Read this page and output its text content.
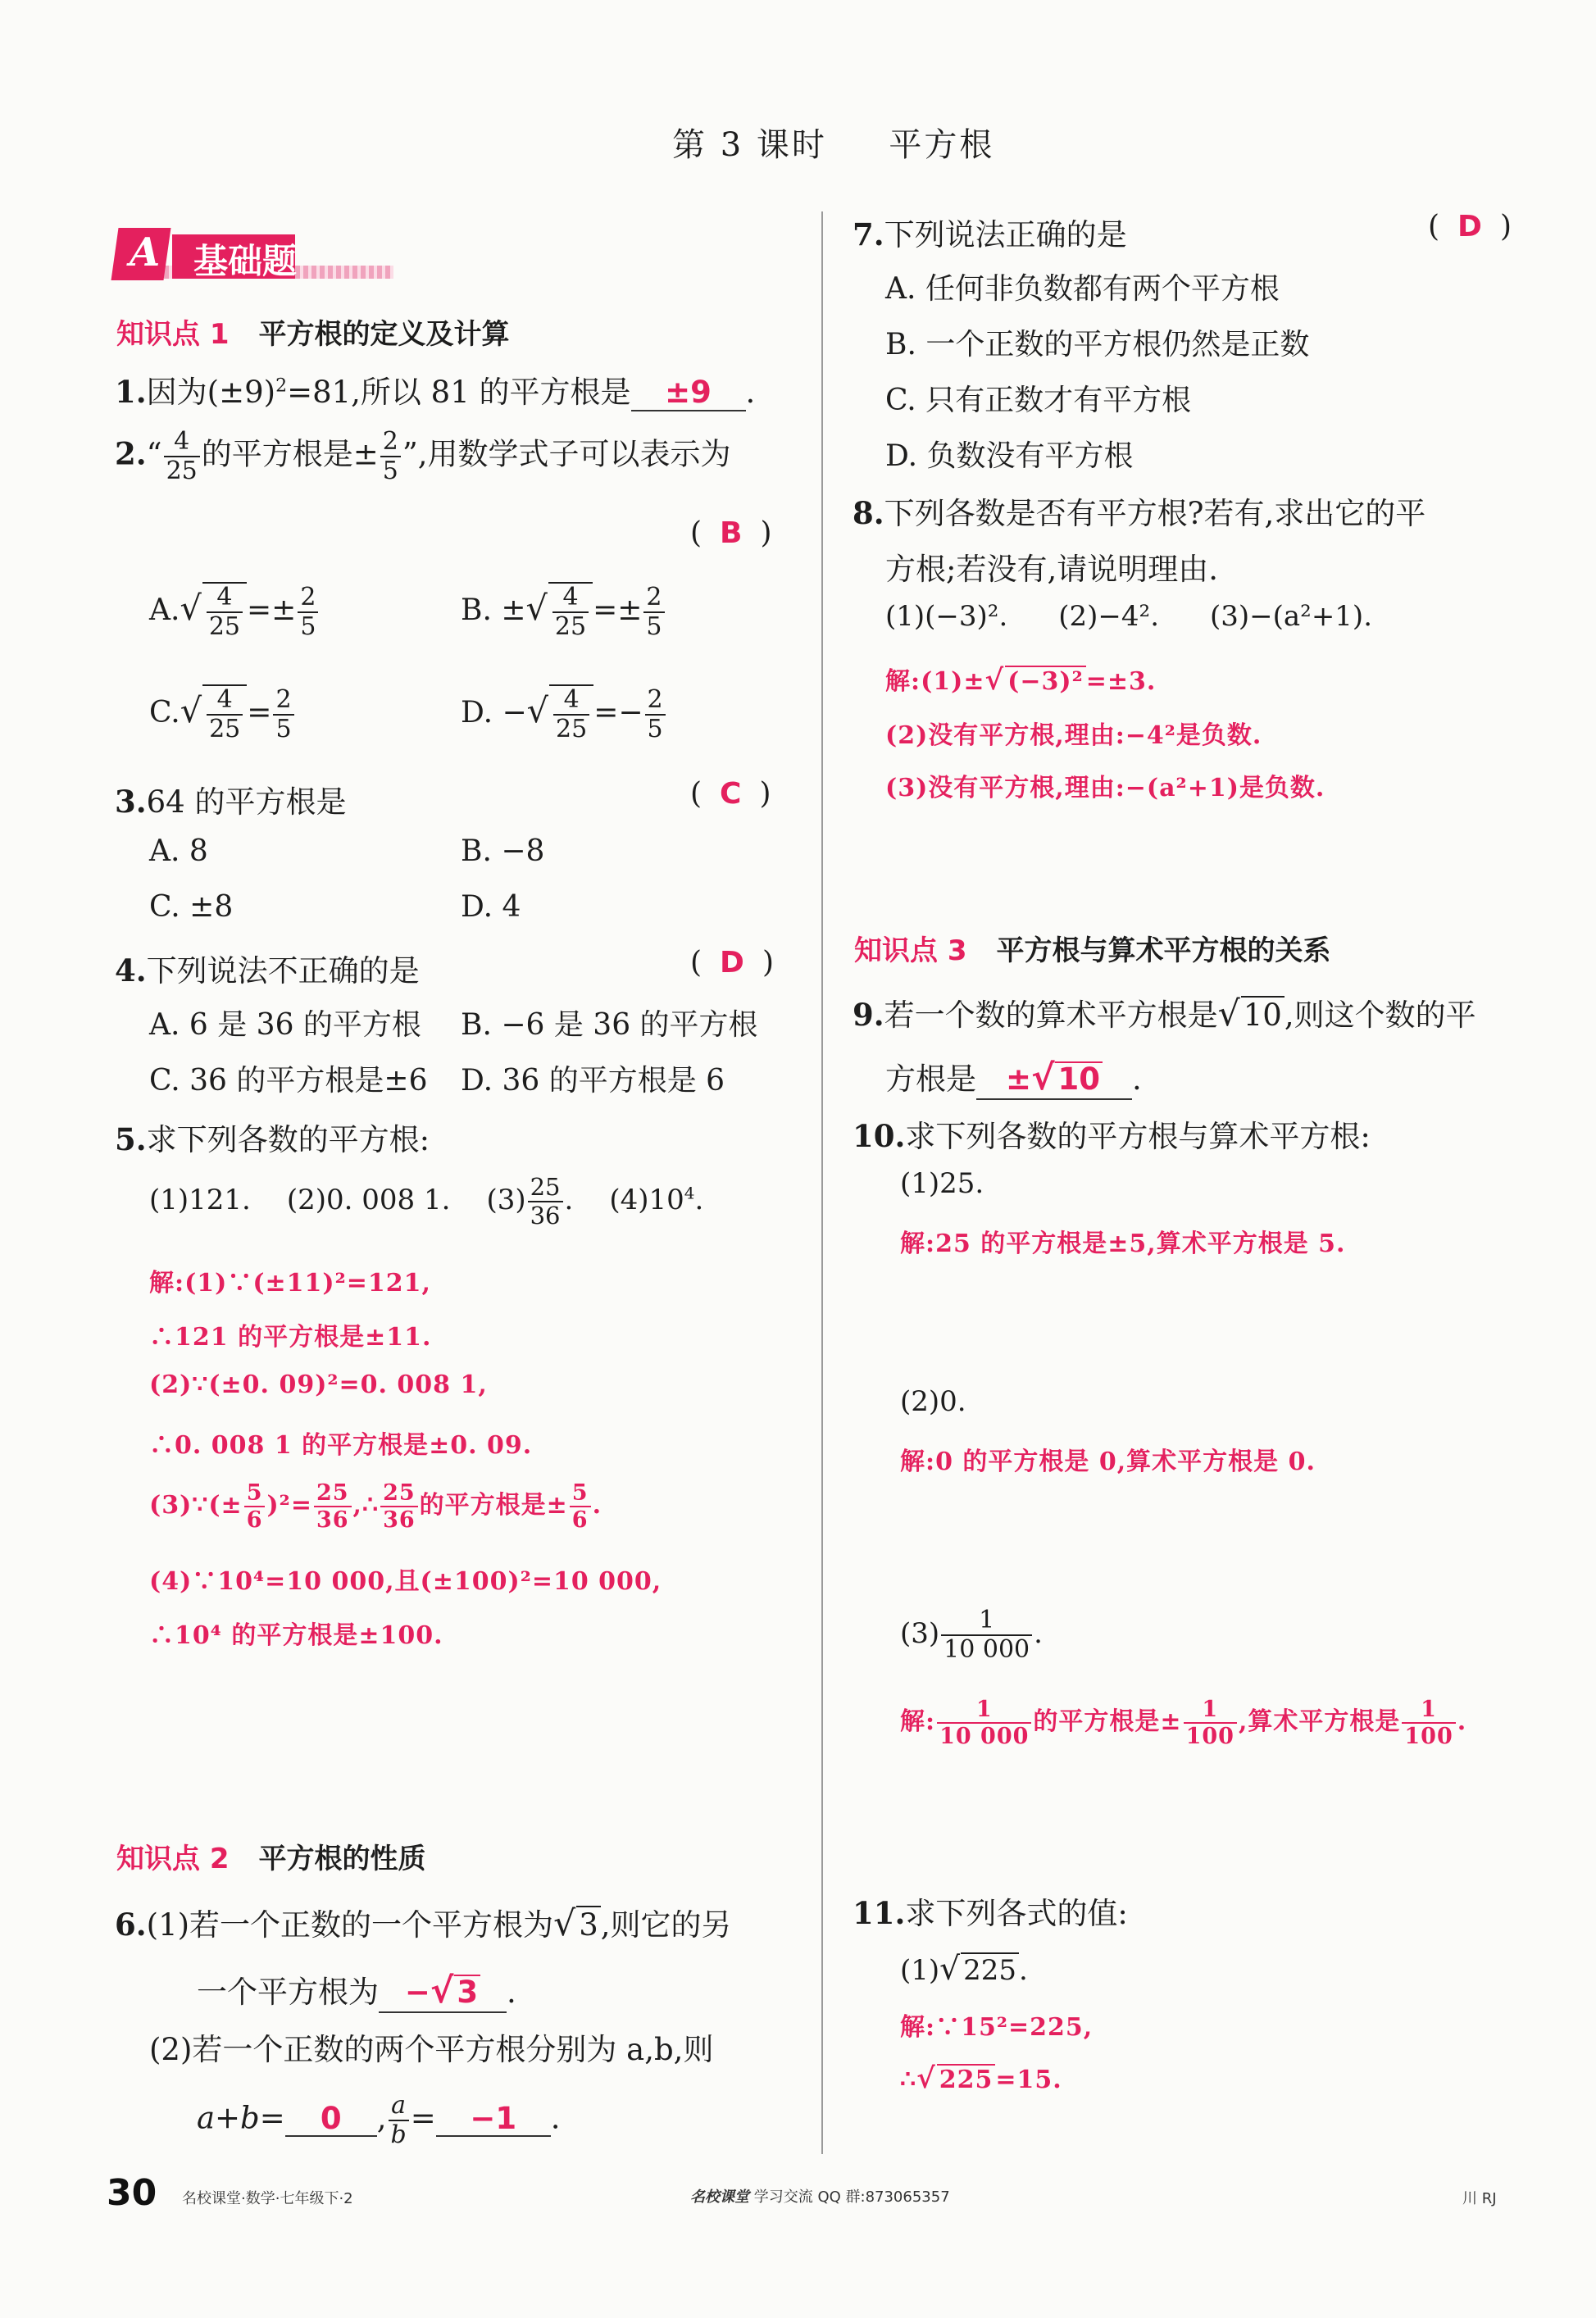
第 3 课时 平方根
A 基础题
知识点 1 平方根的定义及计算
1.因为$(\pm 9)^2=81$,所以 81 的平方根是 ±9 .
2.“ $\frac{4}{25}$ 的平方根是± $\frac{2}{5}$ ”,用数学式子可以表示为
( B )
$A.√ \frac{4}{25} =\pm \frac{2}{5}$	B. ±√ $\frac{4}{25} =\pm \frac{2}{5}$
$C.√ \frac{4}{25} = \frac{2}{5}$	D. −√ $\frac{4}{25} =- \frac{2}{5}$
3.64 的平方根是	( C )
A. 8	B. −8
C. ±8	D. 4
4.下列说法不正确的是	( D )
A. 6 是 36 的平方根 B. −6 是 36 的平方根
C. 36 的平方根是±6 D. 36 的平方根是 6
5.求下列各数的平方根:
(1)121. (2)0. 008 1. $(3) \frac{25}{36}$ . $(4)10^4$.
解:(1)∵(±11)²=121,
∴121 的平方根是±11.
(2)∵(±0. 09)²=0. 008 1,
∴0. 008 1 的平方根是±0. 09.
(3)∵(± $\frac{5}{6} )^2= \frac{25}{36}$ ,∴ $\frac{25}{36}$ 的平方根是± $\frac{5}{6}$ .
(4)∵10⁴=10 000,且(±100)²=10 000,
∴10⁴ 的平方根是±100.
知识点 2 平方根的性质
6.(1)若一个正数的一个平方根为√ 3,则它的另
一个平方根为 −√ 3 .
(2)若一个正数的两个平方根分别为 a,b,则
a+b= 0 , $\frac{a}{b} = -1$ .
7.下列说法正确的是	( D )
A. 任何非负数都有两个平方根
B. 一个正数的平方根仍然是正数
C. 只有正数才有平方根
D. 负数没有平方根
8.下列各数是否有平方根?若有,求出它的平
方根;若没有,请说明理由.
(1)(−3)². (2)−4². (3)−(a²+1).
解:(1)±√ (−3)² =±3.
(2)没有平方根,理由:−4²是负数.
(3)没有平方根,理由:−(a²+1)是负数.
知识点 3 平方根与算术平方根的关系
9.若一个数的算术平方根是√ 10,则这个数的平
方根是 ±√ 10 .
10.求下列各数的平方根与算术平方根:
(1)25.
解:25 的平方根是±5,算术平方根是 5.
(2)0.
解:0 的平方根是 0,算术平方根是 0.
$(3) \frac{1}{10 000}$ .
解: $\frac{1}{10 000}$ 的平方根是± $\frac{1}{100}$ ,算术平方根是 $\frac{1}{100}$ .
11.求下列各式的值:
(1)√ 225.
解:∵15²=225,
∴√ 225 =15.
30 名校课堂·数学·七年级下·2	名校课堂 学习交流 QQ 群:873065357	川 RJ
